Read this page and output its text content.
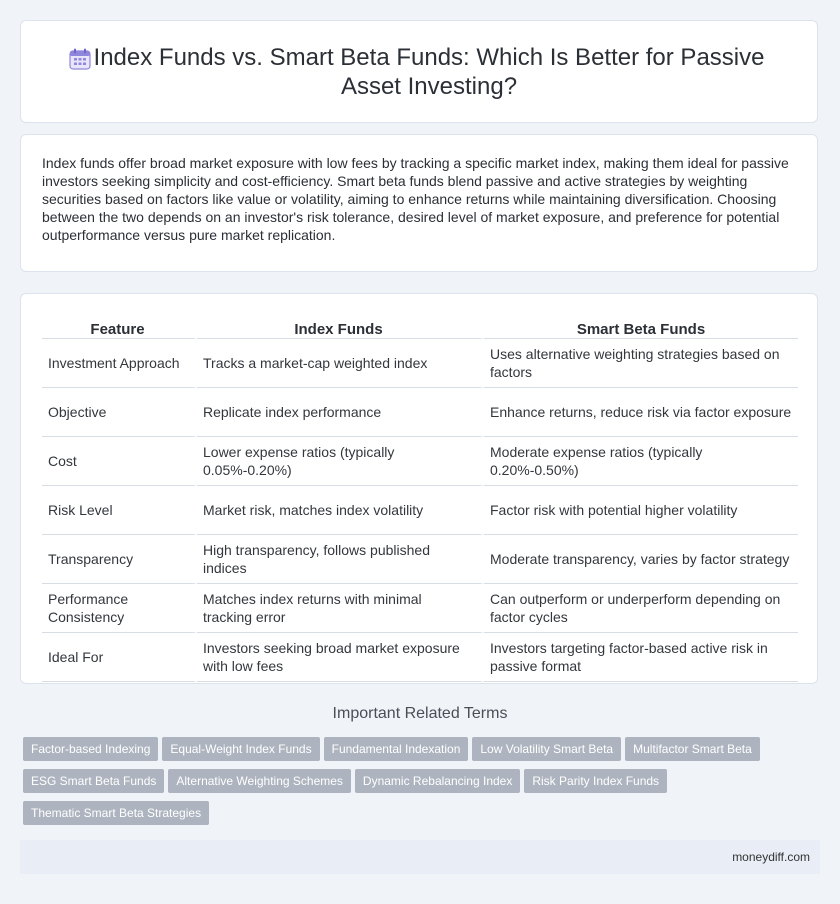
Index Funds vs. Smart Beta Funds: Which Is Better for Passive Asset Investing?

Index funds offer broad market exposure with low fees by tracking a specific market index, making them ideal for passive investors seeking simplicity and cost-efficiency. Smart beta funds blend passive and active strategies by weighting securities based on factors like value or volatility, aiming to enhance returns while maintaining diversification. Choosing between the two depends on an investor's risk tolerance, desired level of market exposure, and preference for potential outperformance versus pure market replication.

Feature	Index Funds	Smart Beta Funds
Investment Approach	Tracks a market-cap weighted index	Uses alternative weighting strategies based on factors
Objective	Replicate index performance	Enhance returns, reduce risk via factor exposure
Cost	Lower expense ratios (typically 0.05%-0.20%)	Moderate expense ratios (typically 0.20%-0.50%)
Risk Level	Market risk, matches index volatility	Factor risk with potential higher volatility
Transparency	High transparency, follows published indices	Moderate transparency, varies by factor strategy
Performance Consistency	Matches index returns with minimal tracking error	Can outperform or underperform depending on factor cycles
Ideal For	Investors seeking broad market exposure with low fees	Investors targeting factor-based active risk in passive format
Important Related Terms
Factor-based Indexing Equal-Weight Index Funds Fundamental Indexation Low Volatility Smart Beta Multifactor Smart BetaESG Smart Beta Funds Alternative Weighting Schemes Dynamic Rebalancing Index Risk Parity Index FundsThematic Smart Beta Strategies
moneydiff.com
